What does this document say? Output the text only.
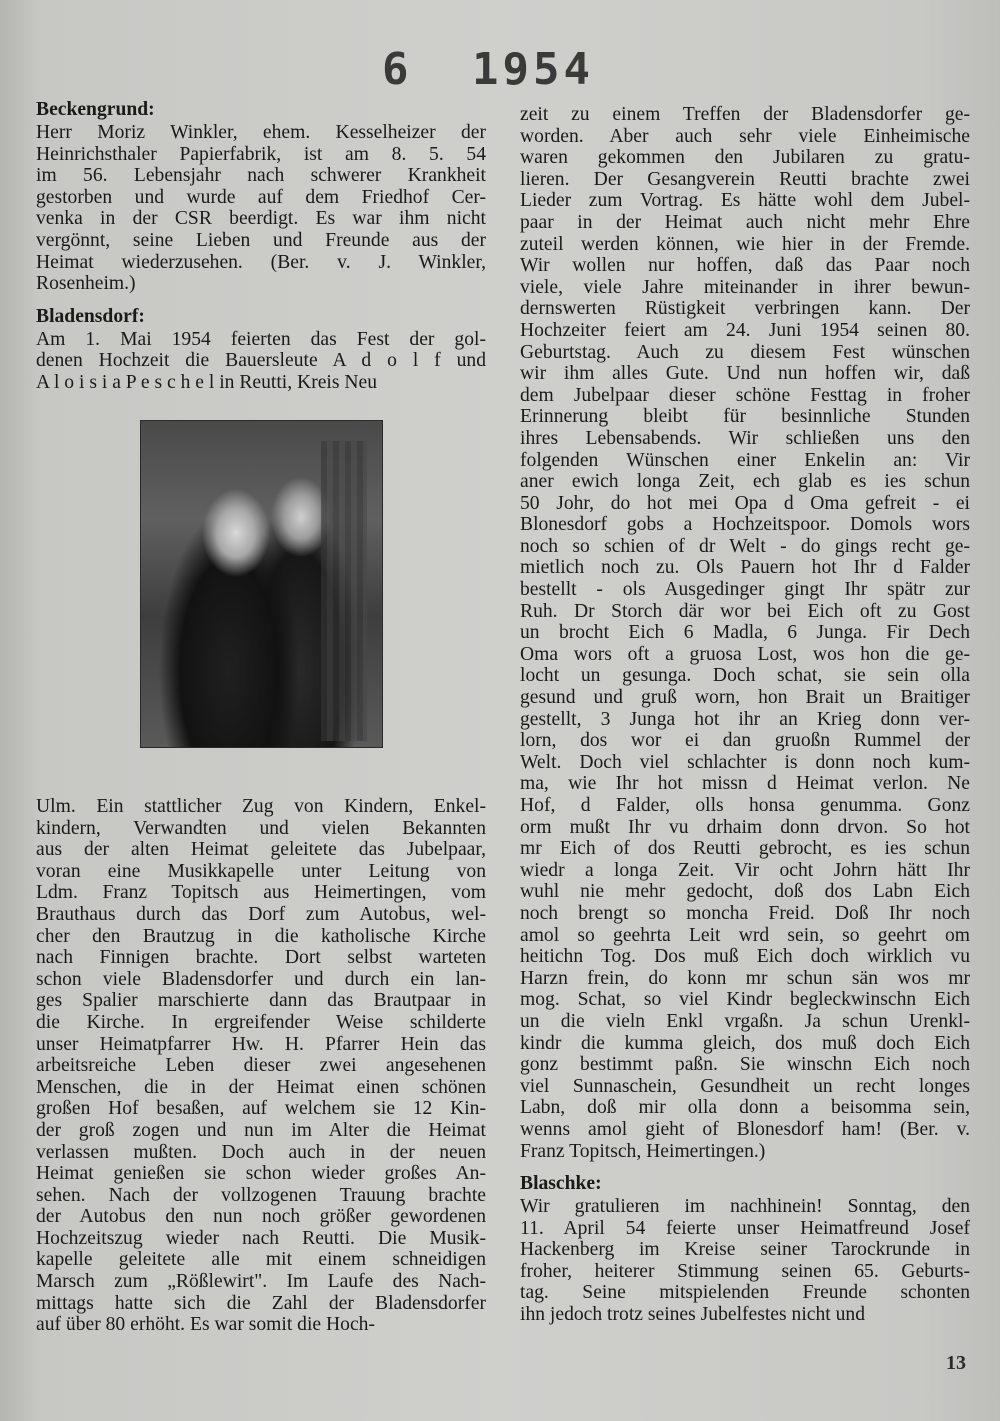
6 1954
Beckengrund:
Herr Moriz Winkler, ehem. Kesselheizer der
Heinrichsthaler Papierfabrik, ist am 8. 5. 54
im 56. Lebensjahr nach schwerer Krankheit
gestorben und wurde auf dem Friedhof Cer-
venka in der CSR beerdigt. Es war ihm nicht
vergönnt, seine Lieben und Freunde aus der
Heimat wiederzusehen. (Ber. v. J. Winkler,
Rosenheim.)
Bladensdorf:
Am 1. Mai 1954 feierten das Fest der gol-
denen Hochzeit die Bauersleute A d o l f und
A l o i s i a P e s c h e l in Reutti, Kreis Neu
Ulm. Ein stattlicher Zug von Kindern, Enkel-
kindern, Verwandten und vielen Bekannten
aus der alten Heimat geleitete das Jubelpaar,
voran eine Musikkapelle unter Leitung von
Ldm. Franz Topitsch aus Heimertingen, vom
Brauthaus durch das Dorf zum Autobus, wel-
cher den Brautzug in die katholische Kirche
nach Finnigen brachte. Dort selbst warteten
schon viele Bladensdorfer und durch ein lan-
ges Spalier marschierte dann das Brautpaar in
die Kirche. In ergreifender Weise schilderte
unser Heimatpfarrer Hw. H. Pfarrer Hein das
arbeitsreiche Leben dieser zwei angesehenen
Menschen, die in der Heimat einen schönen
großen Hof besaßen, auf welchem sie 12 Kin-
der groß zogen und nun im Alter die Heimat
verlassen mußten. Doch auch in der neuen
Heimat genießen sie schon wieder großes An-
sehen. Nach der vollzogenen Trauung brachte
der Autobus den nun noch größer gewordenen
Hochzeitszug wieder nach Reutti. Die Musik-
kapelle geleitete alle mit einem schneidigen
Marsch zum „Rößlewirt". Im Laufe des Nach-
mittags hatte sich die Zahl der Bladensdorfer
auf über 80 erhöht. Es war somit die Hoch-
zeit zu einem Treffen der Bladensdorfer ge-
worden. Aber auch sehr viele Einheimische
waren gekommen den Jubilaren zu gratu-
lieren. Der Gesangverein Reutti brachte zwei
Lieder zum Vortrag. Es hätte wohl dem Jubel-
paar in der Heimat auch nicht mehr Ehre
zuteil werden können, wie hier in der Fremde.
Wir wollen nur hoffen, daß das Paar noch
viele, viele Jahre miteinander in ihrer bewun-
dernswerten Rüstigkeit verbringen kann. Der
Hochzeiter feiert am 24. Juni 1954 seinen 80.
Geburtstag. Auch zu diesem Fest wünschen
wir ihm alles Gute. Und nun hoffen wir, daß
dem Jubelpaar dieser schöne Festtag in froher
Erinnerung bleibt für besinnliche Stunden
ihres Lebensabends. Wir schließen uns den
folgenden Wünschen einer Enkelin an: Vir
aner ewich longa Zeit, ech glab es ies schun
50 Johr, do hot mei Opa d Oma gefreit - ei
Blonesdorf gobs a Hochzeitspoor. Domols wors
noch so schien of dr Welt - do gings recht ge-
mietlich noch zu. Ols Pauern hot Ihr d Falder
bestellt - ols Ausgedinger gingt Ihr spätr zur
Ruh. Dr Storch där wor bei Eich oft zu Gost
un brocht Eich 6 Madla, 6 Junga. Fir Dech
Oma wors oft a gruosa Lost, wos hon die ge-
locht un gesunga. Doch schat, sie sein olla
gesund und gruß worn, hon Brait un Braitiger
gestellt, 3 Junga hot ihr an Krieg donn ver-
lorn, dos wor ei dan gruoßn Rummel der
Welt. Doch viel schlachter is donn noch kum-
ma, wie Ihr hot missn d Heimat verlon. Ne
Hof, d Falder, olls honsa genumma. Gonz
orm mußt Ihr vu drhaim donn drvon. So hot
mr Eich of dos Reutti gebrocht, es ies schun
wiedr a longa Zeit. Vir ocht Johrn hätt Ihr
wuhl nie mehr gedocht, doß dos Labn Eich
noch brengt so moncha Freid. Doß Ihr noch
amol so geehrta Leit wrd sein, so geehrt om
heitichn Tog. Dos muß Eich doch wirklich vu
Harzn frein, do konn mr schun sän wos mr
mog. Schat, so viel Kindr begleckwinschn Eich
un die vieln Enkl vrgaßn. Ja schun Urenkl-
kindr die kumma gleich, dos muß doch Eich
gonz bestimmt paßn. Sie winschn Eich noch
viel Sunnaschein, Gesundheit un recht longes
Labn, doß mir olla donn a beisomma sein,
wenns amol gieht of Blonesdorf ham! (Ber. v.
Franz Topitsch, Heimertingen.)
Blaschke:
Wir gratulieren im nachhinein! Sonntag, den
11. April 54 feierte unser Heimatfreund Josef
Hackenberg im Kreise seiner Tarockrunde in
froher, heiterer Stimmung seinen 65. Geburts-
tag. Seine mitspielenden Freunde schonten
ihn jedoch trotz seines Jubelfestes nicht und
13
